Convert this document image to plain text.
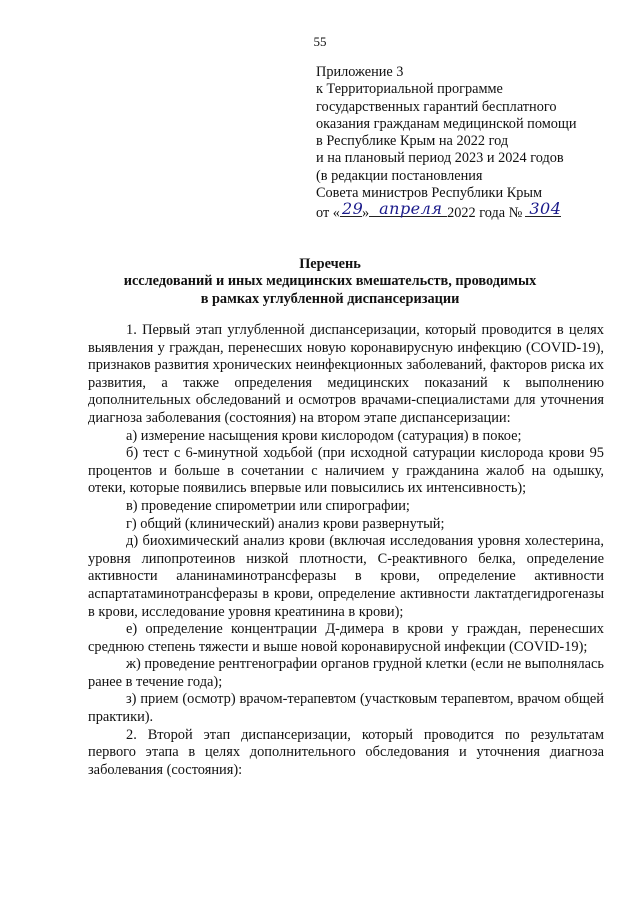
55
Приложение 3
к Территориальной программе
государственных гарантий бесплатного
оказания гражданам медицинской помощи
в Республике Крым на 2022 год
и на плановый период 2023 и 2024 годов
(в редакции постановления
Совета министров Республики Крым
от « 29
» апреля 2022 года № 304
Перечень
исследований и иных медицинских вмешательств, проводимых
в рамках углубленной диспансеризации

1. Первый этап углубленной диспансеризации, который проводится в целях выявления у граждан, перенесших новую коронавирусную инфекцию (COVID-19), признаков развития хронических неинфекционных заболеваний, факторов риска их развития, а также определения медицинских показаний к выполнению дополнительных обследований и осмотров врачами-специалистами для уточнения диагноза заболевания (состояния) на втором этапе диспансеризации:

а) измерение насыщения крови кислородом (сатурация) в покое;

б) тест с 6-минутной ходьбой (при исходной сатурации кислорода крови 95 процентов и больше в сочетании с наличием у гражданина жалоб на одышку, отеки, которые появились впервые или повысились их интенсивность);

в) проведение спирометрии или спирографии;

г) общий (клинический) анализ крови развернутый;

д) биохимический анализ крови (включая исследования уровня холестерина, уровня липопротеинов низкой плотности, С-реактивного белка, определение активности аланинаминотрансферазы в крови, определение активности аспартатаминотрансферазы в крови, определение активности лактатдегидрогеназы в крови, исследование уровня креатинина в крови);

е) определение концентрации Д-димера в крови у граждан, перенесших среднюю степень тяжести и выше новой коронавирусной инфекции (COVID-19);

ж) проведение рентгенографии органов грудной клетки (если не выполнялась ранее в течение года);

з) прием (осмотр) врачом-терапевтом (участковым терапевтом, врачом общей практики).

2. Второй этап диспансеризации, который проводится по результатам первого этапа в целях дополнительного обследования и уточнения диагноза заболевания (состояния):
